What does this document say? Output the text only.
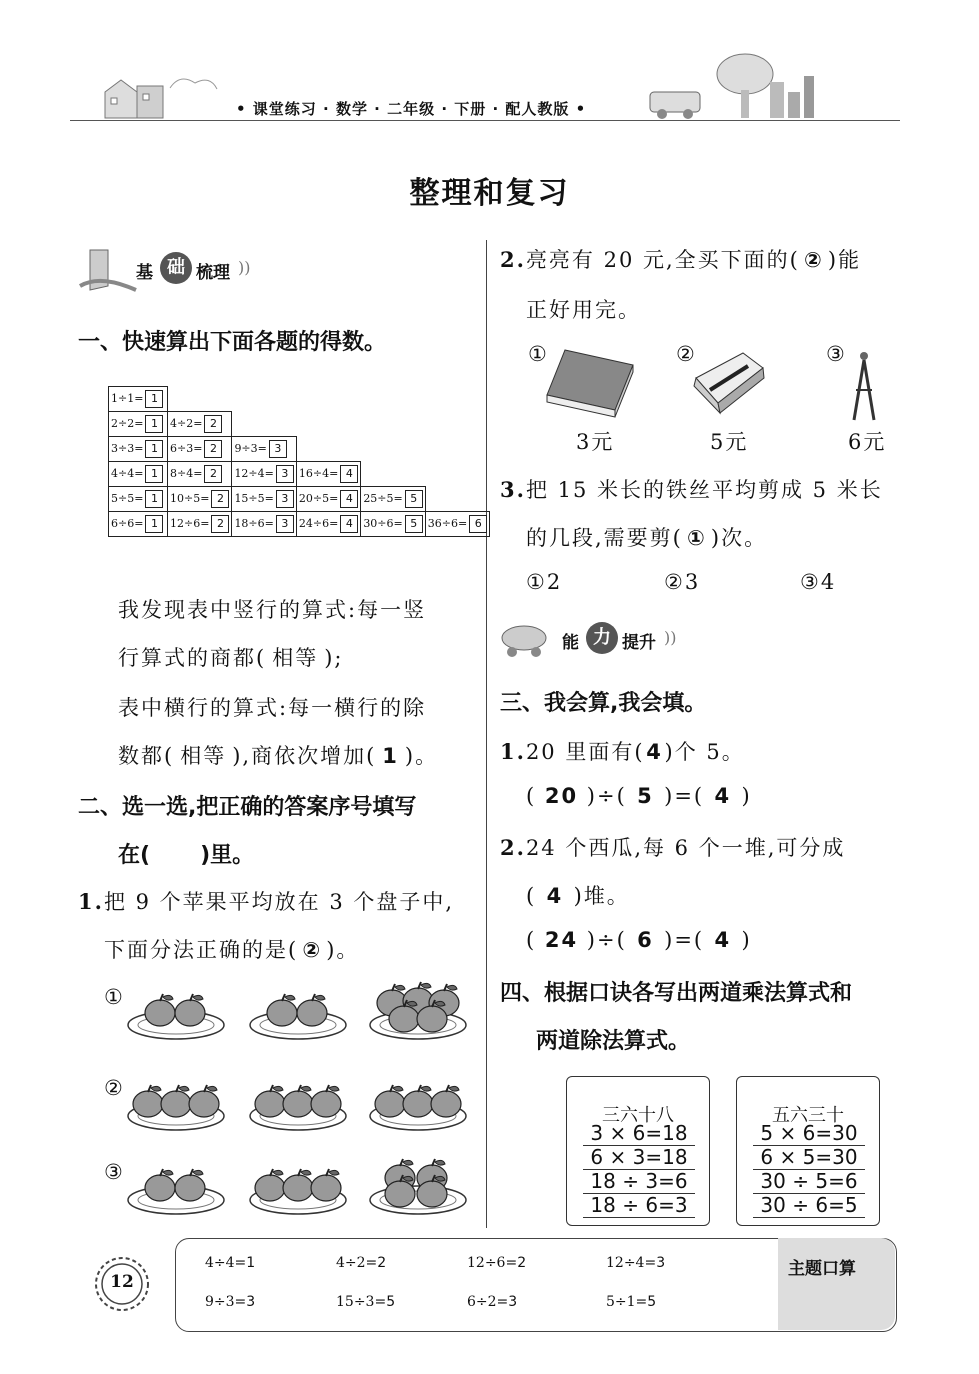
• 课堂练习 · 数学 · 二年级 · 下册 · 配人教版 •
整理和复习
基 础 梳理 ))
一、快速算出下面各题的得数。
1÷1= 1					
2÷2= 1	4÷2= 2				
3÷3= 1	6÷3= 2	9÷3= 3			
4÷4= 1	8÷4= 2	12÷4= 3	16÷4= 4		
5÷5= 1	10÷5= 2	15÷5= 3	20÷5= 4	25÷5= 5	
6÷6= 1	12÷6= 2	18÷6= 3	24÷6= 4	30÷6= 5	36÷6= 6
我发现表中竖行的算式:每一竖
行算式的商都( 相等 );
表中横行的算式:每一横行的除
数都( 相等 ),商依次增加( 1 )。
二、选一选,把正确的答案序号填写
在( )里。
1.把 9 个苹果平均放在 3 个盘子中,
下面分法正确的是( ② )。
①
②
③
2.亮亮有 20 元,全买下面的( ② )能
正好用完。
①
3元
②
5元
③
6元
3.把 15 米长的铁丝平均剪成 5 米长
的几段,需要剪( ① )次。
①2	②3	③4
能 力 提升 ))
三、我会算,我会填。
1.20 里面有(4)个 5。
( 20 )÷( 5 )=( 4 )
2.24 个西瓜,每 6 个一堆,可分成
( 4 )堆。
( 24 )÷( 6 )=( 4 )
四、根据口诀各写出两道乘法算式和
两道除法算式。
三六十八
3 × 6=18
6 × 3=18
18 ÷ 3=6
18 ÷ 6=3
五六三十
5 × 6=30
6 × 5=30
30 ÷ 5=6
30 ÷ 6=5
12
主题口算
4÷4=1	4÷2=2	12÷6=2	12÷4=3
9÷3=3	15÷3=5	6÷2=3	5÷1=5
